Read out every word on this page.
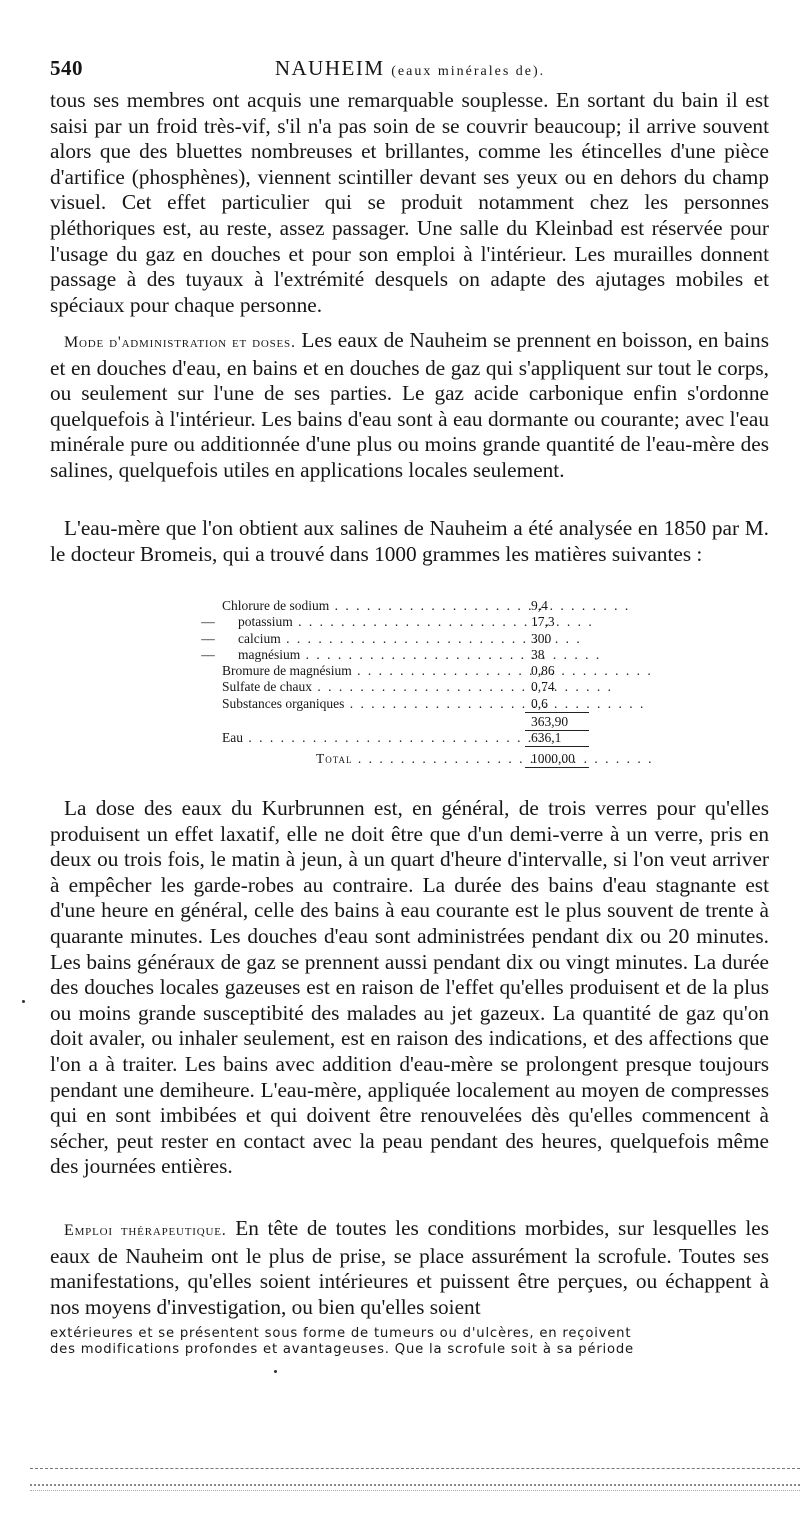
540	NAUHEIM (eaux minérales de).

tous ses membres ont acquis une remarquable souplesse. En sortant du bain il est saisi par un froid très-vif, s'il n'a pas soin de se couvrir beaucoup; il arrive souvent alors que des bluettes nombreuses et brillantes, comme les étincelles d'une pièce d'artifice (phosphènes), viennent scintiller devant ses yeux ou en dehors du champ visuel. Cet effet particulier qui se produit notamment chez les personnes pléthoriques est, au reste, assez passager. Une salle du Kleinbad est réservée pour l'usage du gaz en douches et pour son emploi à l'intérieur. Les murailles donnent passage à des tuyaux à l'extrémité desquels on adapte des ajutages mobiles et spéciaux pour chaque personne.

Mode d'administration et doses. Les eaux de Nauheim se prennent en boisson, en bains et en douches d'eau, en bains et en douches de gaz qui s'appliquent sur tout le corps, ou seulement sur l'une de ses parties. Le gaz acide carbonique enfin s'ordonne quelquefois à l'intérieur. Les bains d'eau sont à eau dormante ou courante; avec l'eau minérale pure ou additionnée d'une plus ou moins grande quantité de l'eau-mère des salines, quelquefois utiles en applications locales seulement.

L'eau-mère que l'on obtient aux salines de Nauheim a été analysée en 1850 par M. le docteur Bromeis, qui a trouvé dans 1000 grammes les matières suivantes :

Chlorure de sodium . . .	9,4
— potassium . . .	17,3
— calcium . . .	300
— magnésium . . .	38
Bromure de magnésium . . .	0,86
Sulfate de chaux . . .	0,74
Substances organiques . . .	0,6
363,90
Eau . . .	636,1
Total . . .	1000,00

La dose des eaux du Kurbrunnen est, en général, de trois verres pour qu'elles produisent un effet laxatif, elle ne doit être que d'un demi-verre à un verre, pris en deux ou trois fois, le matin à jeun, à un quart d'heure d'intervalle, si l'on veut arriver à empêcher les garde-robes au contraire. La durée des bains d'eau stagnante est d'une heure en général, celle des bains à eau courante est le plus souvent de trente à quarante minutes. Les douches d'eau sont administrées pendant dix ou 20 minutes. Les bains généraux de gaz se prennent aussi pendant dix ou vingt minutes. La durée des douches locales gazeuses est en raison de l'effet qu'elles produisent et de la plus ou moins grande susceptibité des malades au jet gazeux. La quantité de gaz qu'on doit avaler, ou inhaler seulement, est en raison des indications, et des affections que l'on a à traiter. Les bains avec addition d'eau-mère se prolongent presque toujours pendant une demiheure. L'eau-mère, appliquée localement au moyen de compresses qui en sont imbibées et qui doivent être renouvelées dès qu'elles commencent à sécher, peut rester en contact avec la peau pendant des heures, quelquefois même des journées entières.

Emploi thérapeutique. En tête de toutes les conditions morbides, sur lesquelles les eaux de Nauheim ont le plus de prise, se place assurément la scrofule. Toutes ses manifestations, qu'elles soient intérieures et puissent être perçues, ou échappent à nos moyens d'investigation, ou bien qu'elles soient

extérieures et se présentent sous forme de tumeurs ou d'ulcères, en reçoivent
des modifications profondes et avantageuses. Que la scrofule soit à sa période
